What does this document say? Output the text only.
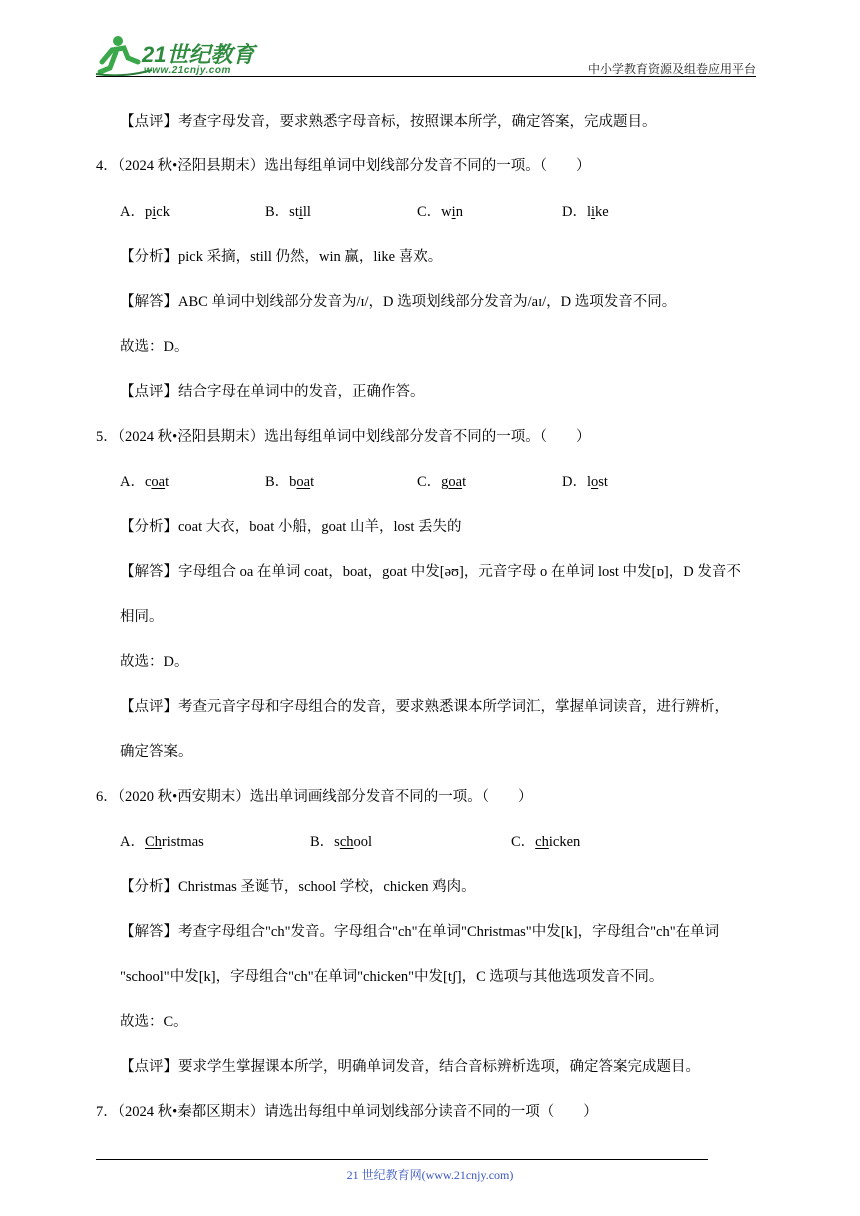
21世纪教育
www.21cnjy.com	中小学教育资源及组卷应用平台
【点评】考查字母发音，要求熟悉字母音标，按照课本所学，确定答案，完成题目。
4．（2024 秋•泾阳县期末）选出每组单词中划线部分发音不同的一项。（　　）
A．pick	B．still	C．win	D．like
【分析】pick 采摘，still 仍然，win 赢，like 喜欢。
【解答】ABC 单词中划线部分发音为/ɪ/，D 选项划线部分发音为/aɪ/，D 选项发音不同。
故选：D。
【点评】结合字母在单词中的发音，正确作答。
5．（2024 秋•泾阳县期末）选出每组单词中划线部分发音不同的一项。（　　）
A．coat	B．boat	C．goat	D．lost
【分析】coat 大衣，boat 小船，goat 山羊，lost 丢失的
【解答】字母组合 oa 在单词 coat，boat，goat 中发[əʊ]，元音字母 o 在单词 lost 中发[ɒ]，D 发音不
相同。
故选：D。
【点评】考查元音字母和字母组合的发音，要求熟悉课本所学词汇，掌握单词读音，进行辨析，
确定答案。
6．（2020 秋•西安期末）选出单词画线部分发音不同的一项。（　　）
A．Christmas	B．school	C．chicken
【分析】Christmas 圣诞节，school 学校，chicken 鸡肉。
【解答】考查字母组合"ch"发音。字母组合"ch"在单词"Christmas"中发[k]，字母组合"ch"在单词
"school"中发[k]，字母组合"ch"在单词"chicken"中发[tʃ]，C 选项与其他选项发音不同。
故选：C。
【点评】要求学生掌握课本所学，明确单词发音，结合音标辨析选项，确定答案完成题目。
7．（2024 秋•秦都区期末）请选出每组中单词划线部分读音不同的一项（　　）
21 世纪教育网(www.21cnjy.com)
